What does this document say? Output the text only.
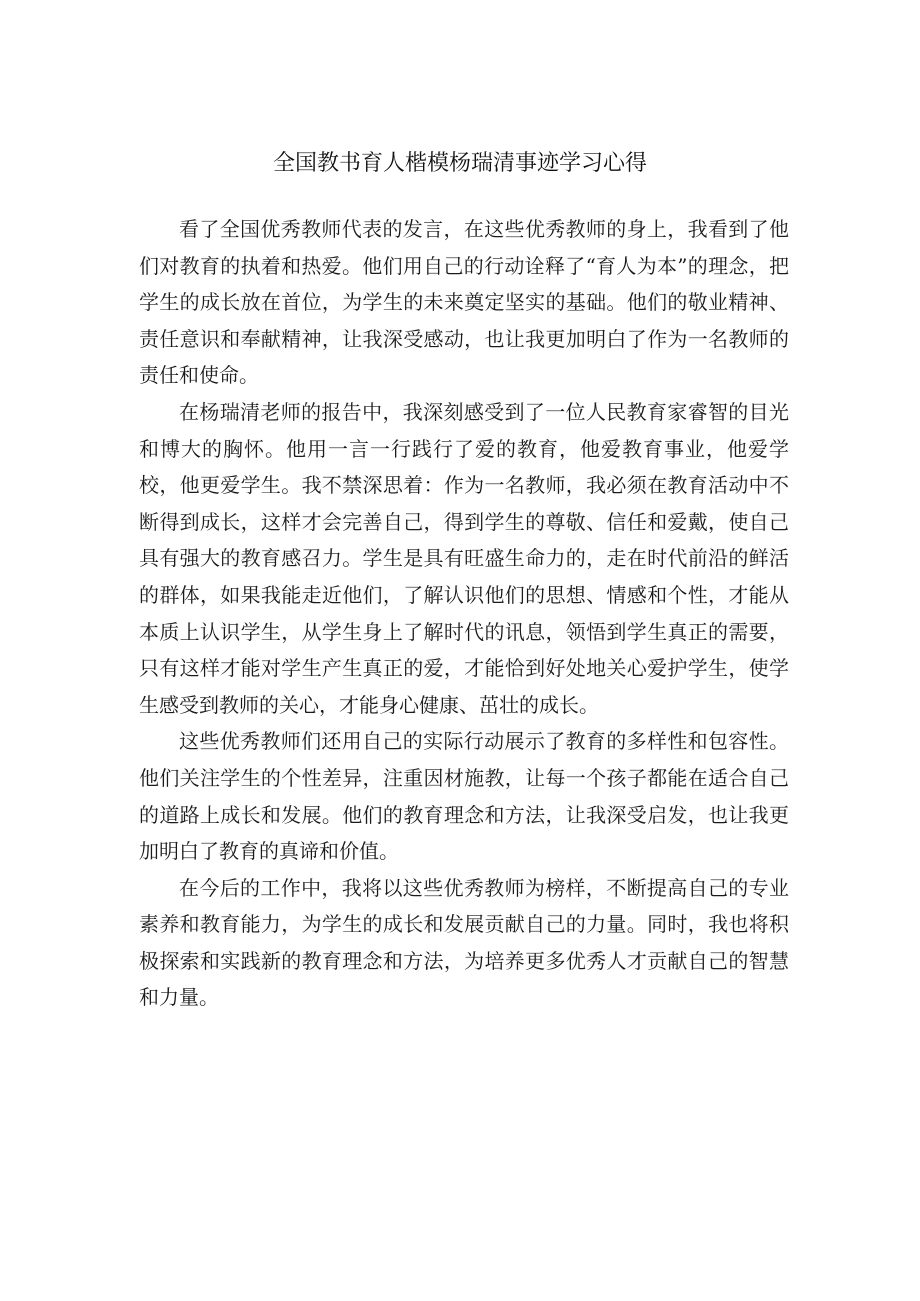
全国教书育人楷模杨瑞清事迹学习心得

看了全国优秀教师代表的发言，在这些优秀教师的身上，我看到了他们对教育的执着和热爱。他们用自己的行动诠释了“育人为本”的理念，把学生的成长放在首位，为学生的未来奠定坚实的基础。他们的敬业精神、责任意识和奉献精神，让我深受感动，也让我更加明白了作为一名教师的责任和使命。

在杨瑞清老师的报告中，我深刻感受到了一位人民教育家睿智的目光和博大的胸怀。他用一言一行践行了爱的教育，他爱教育事业，他爱学校，他更爱学生。我不禁深思着：作为一名教师，我必须在教育活动中不断得到成长，这样才会完善自己，得到学生的尊敬、信任和爱戴，使自己具有强大的教育感召力。学生是具有旺盛生命力的，走在时代前沿的鲜活的群体，如果我能走近他们，了解认识他们的思想、情感和个性，才能从本质上认识学生，从学生身上了解时代的讯息，领悟到学生真正的需要，只有这样才能对学生产生真正的爱，才能恰到好处地关心爱护学生，使学生感受到教师的关心，才能身心健康、茁壮的成长。

这些优秀教师们还用自己的实际行动展示了教育的多样性和包容性。他们关注学生的个性差异，注重因材施教，让每一个孩子都能在适合自己的道路上成长和发展。他们的教育理念和方法，让我深受启发，也让我更加明白了教育的真谛和价值。

在今后的工作中，我将以这些优秀教师为榜样，不断提高自己的专业素养和教育能力，为学生的成长和发展贡献自己的力量。同时，我也将积极探索和实践新的教育理念和方法，为培养更多优秀人才贡献自己的智慧和力量。
